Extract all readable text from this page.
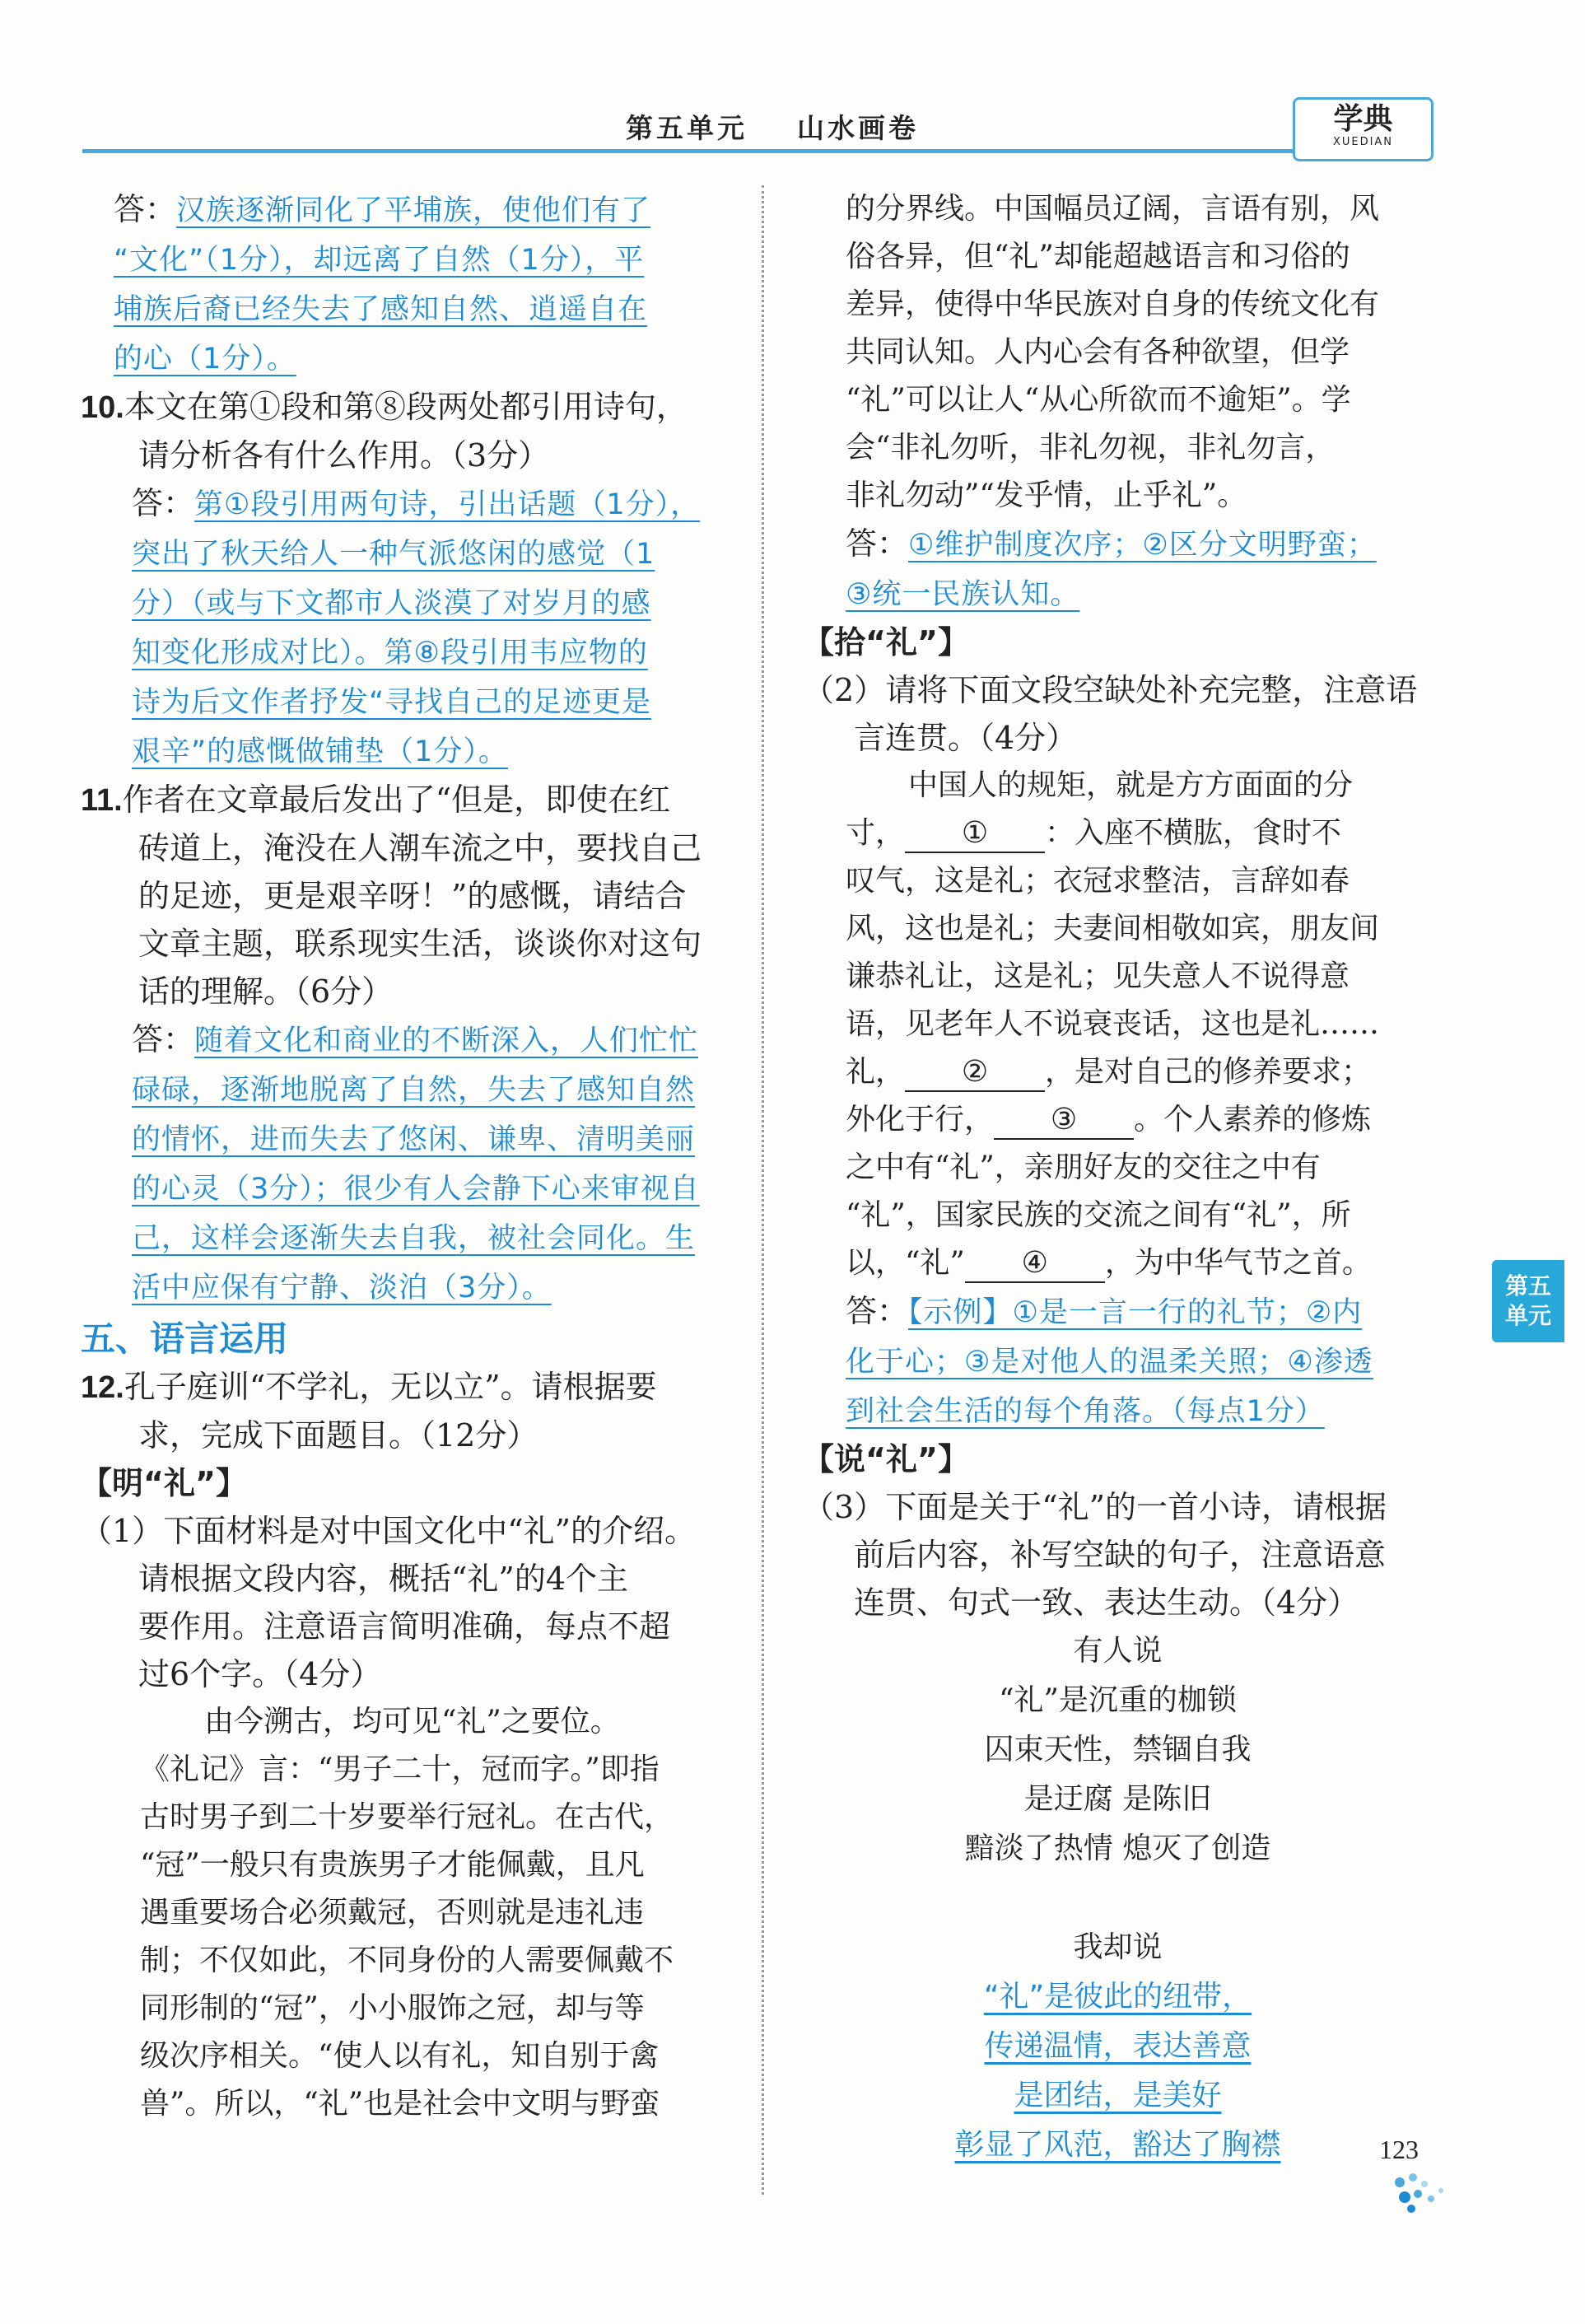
第五单元 山水画卷	学典
XUEDIAN
答：汉族逐渐同化了平埔族，使他们有了
“文化”（1分），却远离了自然（1分），平
埔族后裔已经失去了感知自然、逍遥自在
的心（1分）。
10.本文在第①段和第⑧段两处都引用诗句，
请分析各有什么作用。（3分）
答：第①段引用两句诗，引出话题（1分），
突出了秋天给人一种气派悠闲的感觉（1
分）（或与下文都市人淡漠了对岁月的感
知变化形成对比）。第⑧段引用韦应物的
诗为后文作者抒发“寻找自己的足迹更是
艰辛”的感慨做铺垫（1分）。
11.作者在文章最后发出了“但是，即使在红
砖道上，淹没在人潮车流之中，要找自己
的足迹，更是艰辛呀！”的感慨，请结合
文章主题，联系现实生活，谈谈你对这句
话的理解。（6分）
答：随着文化和商业的不断深入，人们忙忙
碌碌，逐渐地脱离了自然，失去了感知自然
的情怀，进而失去了悠闲、谦卑、清明美丽
的心灵（3分）；很少有人会静下心来审视自
己，这样会逐渐失去自我，被社会同化。生
活中应保有宁静、淡泊（3分）。
五、语言运用
12.孔子庭训“不学礼，无以立”。请根据要
求，完成下面题目。（12分）
【明“礼”】
（1）下面材料是对中国文化中“礼”的介绍。
请根据文段内容，概括“礼”的4个主
要作用。注意语言简明准确，每点不超
过6个字。（4分）
由今溯古，均可见“礼”之要位。
《礼记》言：“男子二十，冠而字。”即指
古时男子到二十岁要举行冠礼。在古代，
“冠”一般只有贵族男子才能佩戴，且凡
遇重要场合必须戴冠，否则就是违礼违
制；不仅如此，不同身份的人需要佩戴不
同形制的“冠”，小小服饰之冠，却与等
级次序相关。“使人以有礼，知自别于禽
兽”。所以，“礼”也是社会中文明与野蛮
的分界线。中国幅员辽阔，言语有别，风
俗各异，但“礼”却能超越语言和习俗的
差异，使得中华民族对自身的传统文化有
共同认知。人内心会有各种欲望，但学
“礼”可以让人“从心所欲而不逾矩”。学
会“非礼勿听，非礼勿视，非礼勿言，
非礼勿动”“发乎情，止乎礼”。
答：①维护制度次序；②区分文明野蛮；
③统一民族认知。
【拾“礼”】
（2）请将下面文段空缺处补充完整，注意语
言连贯。（4分）
中国人的规矩，就是方方面面的分
寸， ① ：入座不横肱，食时不
叹气，这是礼；衣冠求整洁，言辞如春
风，这也是礼；夫妻间相敬如宾，朋友间
谦恭礼让，这是礼；见失意人不说得意
语，见老年人不说衰丧话，这也是礼……
礼， ② ，是对自己的修养要求；
外化于行， ③ 。个人素养的修炼
之中有“礼”，亲朋好友的交往之中有
“礼”，国家民族的交流之间有“礼”，所
以，“礼” ④ ，为中华气节之首。
答：【示例】①是一言一行的礼节；②内
化于心；③是对他人的温柔关照；④渗透
到社会生活的每个角落。（每点1分）
【说“礼”】
（3）下面是关于“礼”的一首小诗，请根据
前后内容，补写空缺的句子，注意语意
连贯、句式一致、表达生动。（4分）
有人说
“礼”是沉重的枷锁
囚束天性，禁锢自我
是迂腐 是陈旧
黯淡了热情 熄灭了创造
我却说
“礼”是彼此的纽带，
传递温情，表达善意
是团结，是美好
彰显了风范，豁达了胸襟
第五
单元
123
